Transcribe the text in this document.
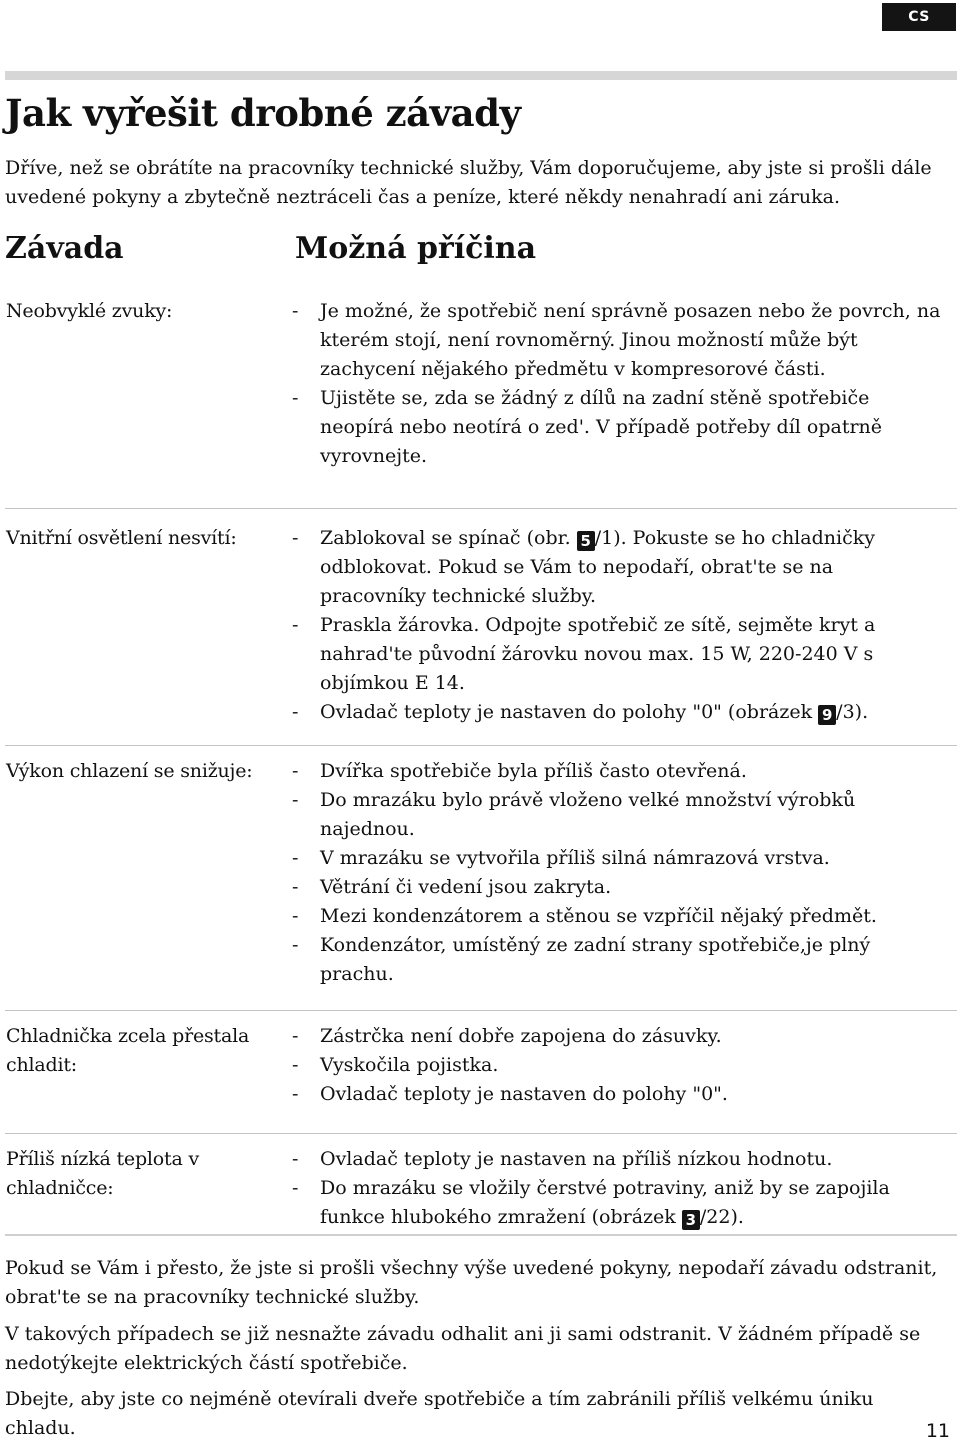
CS
Jak vyřešit drobné závady

Dříve, než se obrátíte na pracovníky technické služby, Vám doporučujeme, aby jste si prošli dále uvedené pokyny a zbytečně neztráceli čas a peníze, které někdy nenahradí ani záruka.

Závada	Možná příčina
Neobvyklé zvuky:	- Je možné, že spotřebič není správně posazen nebo že povrch, na kterém stojí, není rovnoměrný. Jinou možností může být zachycení nějakého předmětu v kompresorové části.
- Ujistěte se, zda se žádný z dílů na zadní stěně spotřebiče neopírá nebo neotírá o zed'. V případě potřeby díl opatrně vyrovnejte.
Vnitřní osvětlení nesvítí:	- Zablokoval se spínač (obr. 5 /1). Pokuste se ho chladničky odblokovat. Pokud se Vám to nepodaří, obrat'te se na pracovníky technické služby.
- Praskla žárovka. Odpojte spotřebič ze sítě, sejměte kryt a nahrad'te původní žárovku novou max. 15 W, 220-240 V s objímkou E 14.
- Ovladač teploty je nastaven do polohy "0" (obrázek 9 /3).
Výkon chlazení se snižuje:	- Dvířka spotřebiče byla příliš často otevřená.
- Do mrazáku bylo právě vloženo velké množství výrobků najednou.
- V mrazáku se vytvořila příliš silná námrazová vrstva.
- Větrání či vedení jsou zakryta.
- Mezi kondenzátorem a stěnou se vzpříčil nějaký předmět.
- Kondenzátor, umístěný ze zadní strany spotřebiče,je plný prachu.
Chladnička zcela přestala chladit:
- Zástrčka není dobře zapojena do zásuvky.
- Vyskočila pojistka.
- Ovladač teploty je nastaven do polohy "0".
Příliš nízká teplota v chladničce:
- Ovladač teploty je nastaven na příliš nízkou hodnotu.
- Do mrazáku se vložily čerstvé potraviny, aniž by se zapojila funkce hlubokého zmražení (obrázek 3 /22).

Pokud se Vám i přesto, že jste si prošli všechny výše uvedené pokyny, nepodaří závadu odstranit, obrat'te se na pracovníky technické služby.

V takových případech se již nesnažte závadu odhalit ani ji sami odstranit. V žádném případě se nedotýkejte elektrických částí spotřebiče.

Dbejte, aby jste co nejméně otevírali dveře spotřebiče a tím zabránili příliš velkému úniku chladu.	11
